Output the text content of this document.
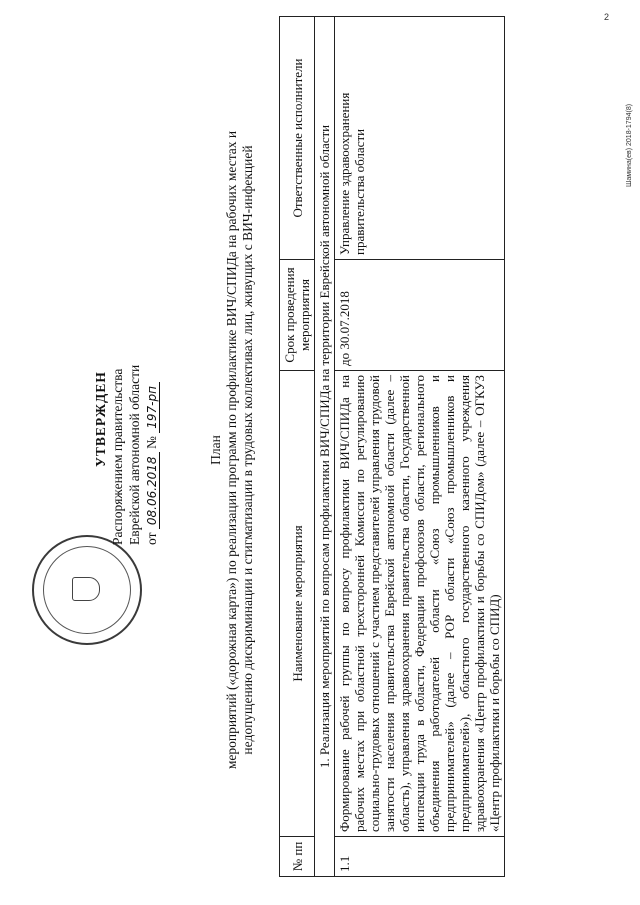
2
УТВЕРЖДЕН Распоряжением правительства Еврейской автономной области от 08.06.2018 № 197-рп
План мероприятий («дорожная карта») по реализации программ по профилактике ВИЧ/СПИДа на рабочих местах и недопущению дискриминации и стигматизации в трудовых коллективах лиц, живущих с ВИЧ-инфекцией
№ пп	Наименование мероприятия	Срок проведения мероприятия	Ответственные исполнители
1. Реализация мероприятий по вопросам профилактики ВИЧ/СПИДа на территории Еврейской автономной области			
1.1	Формирование рабочей группы по вопросу профилактики ВИЧ/СПИДа на рабочих местах при областной трехсторонней Комиссии по регулированию социально-трудовых отношений с участием представителей управления трудовой занятости населения правительства Еврейской автономной области (далее – область), управления здравоохранения правительства области, Государственной инспекции труда в области, Федерации профсоюзов области, регионального объединения работодателей области «Союз промышленников и предпринимателей» (далее – РОР области «Союз промышленников и предпринимателей»), областного государственного казенного учреждения здравоохранения «Центр профилактики и борьбы со СПИДом» (далее – ОГКУЗ «Центр профилактики и борьбы со СПИД)	до 30.07.2018	Управление здравоохранения правительства области	Шамина(ев) 2018-1794(8)
